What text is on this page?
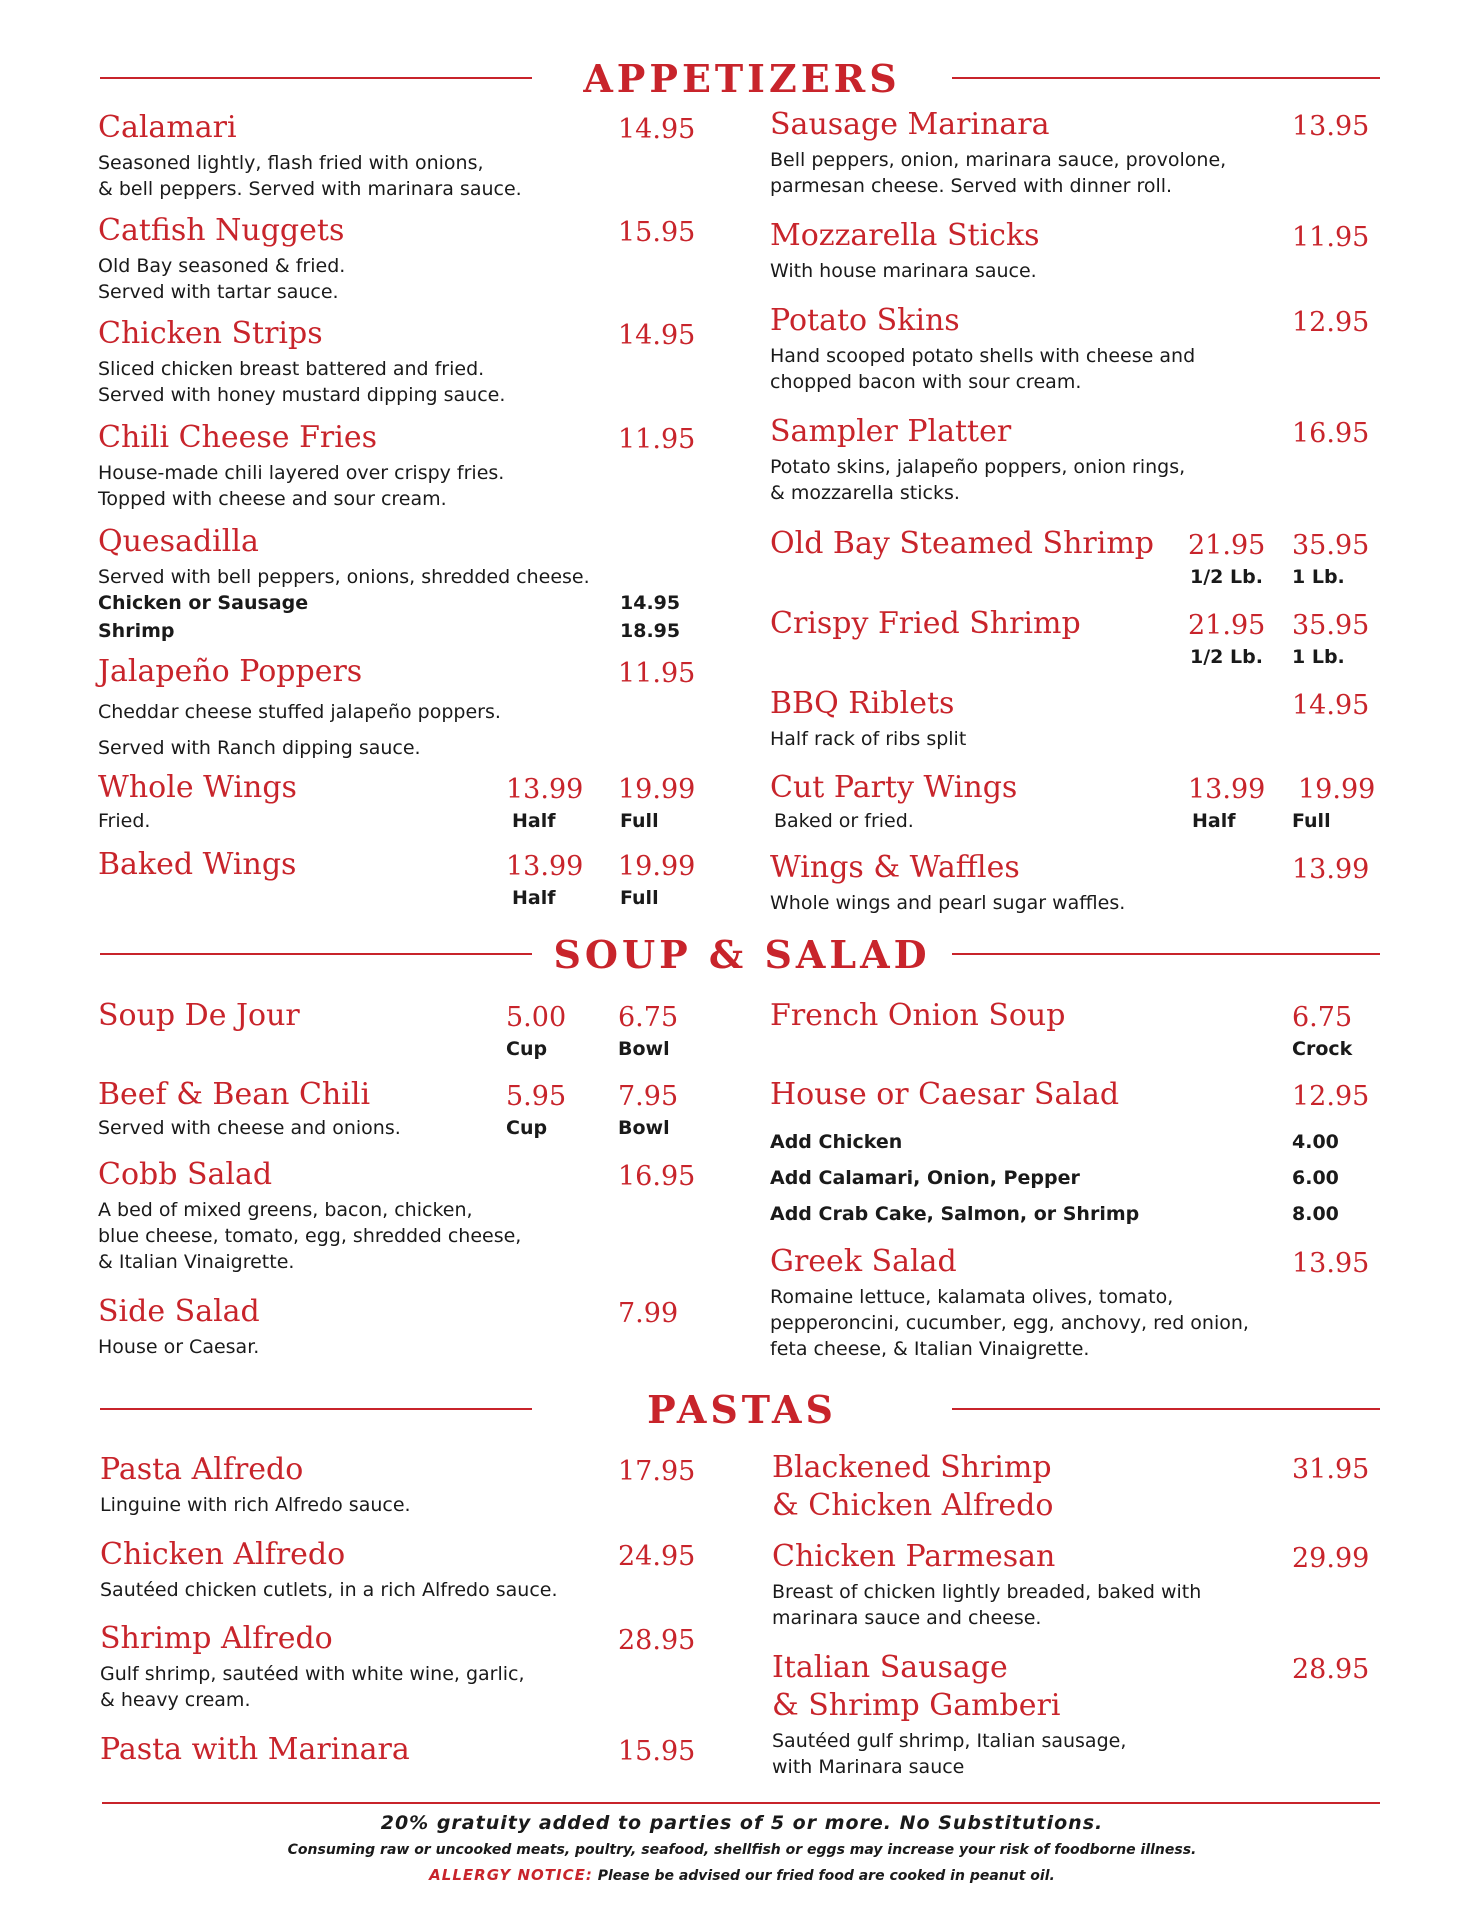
APPETIZERS
Calamari	14.95
Seasoned lightly, flash fried with onions,
& bell peppers. Served with marinara sauce.
Catfish Nuggets	15.95
Old Bay seasoned & fried.
Served with tartar sauce.
Chicken Strips	14.95
Sliced chicken breast battered and fried.
Served with honey mustard dipping sauce.
Chili Cheese Fries	11.95
House-made chili layered over crispy fries.
Topped with cheese and sour cream.
Quesadilla
Served with bell peppers, onions, shredded cheese.
Chicken or Sausage	14.95
Shrimp	18.95
Jalapeño Poppers	11.95
Cheddar cheese stuffed jalapeño poppers.
Served with Ranch dipping sauce.
Whole Wings	13.99 19.99
Half	Full
Fried.
Baked Wings	13.99 19.99
Half	Full
Sausage Marinara	13.95
Bell peppers, onion, marinara sauce, provolone,
parmesan cheese. Served with dinner roll.
Mozzarella Sticks	11.95
With house marinara sauce.
Potato Skins	12.95
Hand scooped potato shells with cheese and
chopped bacon with sour cream.
Sampler Platter	16.95
Potato skins, jalapeño poppers, onion rings,
& mozzarella sticks.
Old Bay Steamed Shrimp	21.95 35.95
1/2 Lb. 1 Lb.
Crispy Fried Shrimp	21.95 35.95
1/2 Lb. 1 Lb.
BBQ Riblets	14.95
Half rack of ribs split
Cut Party Wings	13.99 19.99
Half	Full
Baked or fried.
Wings & Waffles	13.99
Whole wings and pearl sugar waffles.
SOUP & SALAD
Soup De Jour	5.00 6.75
Cup	Bowl
Beef & Bean Chili	5.95 7.95
Cup	Bowl
Served with cheese and onions.
Cobb Salad	16.95
A bed of mixed greens, bacon, chicken,
blue cheese, tomato, egg, shredded cheese,
& Italian Vinaigrette.
Side Salad	7.99
House or Caesar.
French Onion Soup	6.75
Crock
House or Caesar Salad	12.95
Add Chicken	4.00
Add Calamari, Onion, Pepper	6.00
Add Crab Cake, Salmon, or Shrimp	8.00
Greek Salad	13.95
Romaine lettuce, kalamata olives, tomato,
pepperoncini, cucumber, egg, anchovy, red onion,
feta cheese, & Italian Vinaigrette.
PASTAS
Pasta Alfredo	17.95
Linguine with rich Alfredo sauce.
Chicken Alfredo	24.95
Sautéed chicken cutlets, in a rich Alfredo sauce.
Shrimp Alfredo	28.95
Gulf shrimp, sautéed with white wine, garlic,
& heavy cream.
Pasta with Marinara	15.95
Blackened Shrimp
& Chicken Alfredo
31.95
Chicken Parmesan	29.99
Breast of chicken lightly breaded, baked with
marinara sauce and cheese.
Italian Sausage
& Shrimp Gamberi
28.95
Sautéed gulf shrimp, Italian sausage,
with Marinara sauce
20% gratuity added to parties of 5 or more. No Substitutions.
Consuming raw or uncooked meats, poultry, seafood, shellfish or eggs may increase your risk of foodborne illness.
ALLERGY NOTICE: Please be advised our fried food are cooked in peanut oil.
